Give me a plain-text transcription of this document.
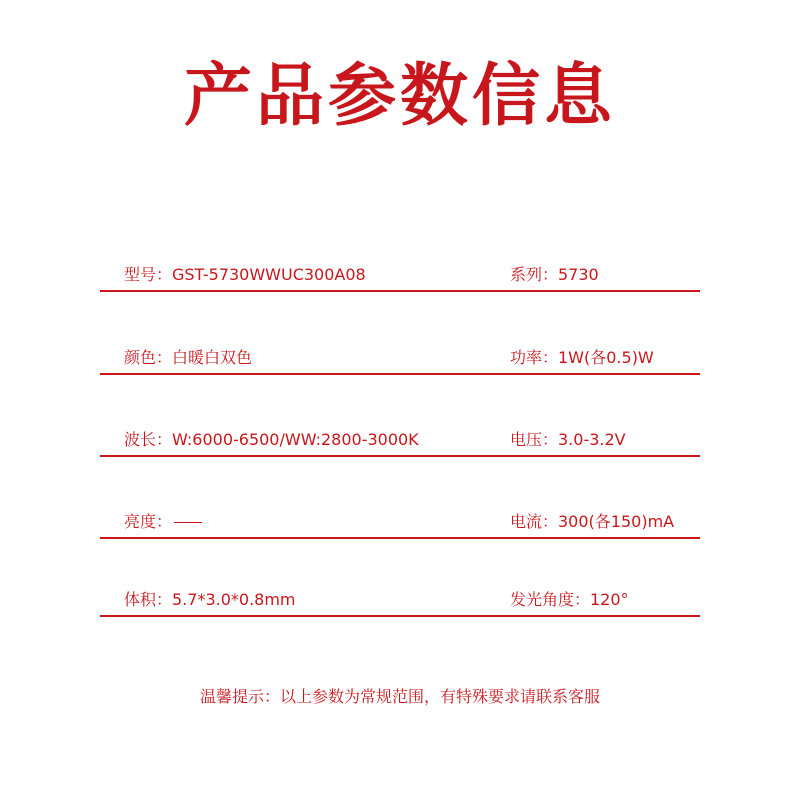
产品参数信息
型号：GST-5730WWUC300A08	系列：5730
颜色：白暖白双色	功率：1W(各0.5)W
波长：W:6000-6500/WW:2800-3000K	电压：3.0-3.2V
亮度：	电流：300(各150)mA
体积：5.7*3.0*0.8mm	发光角度：120°
温馨提示：以上参数为常规范围，有特殊要求请联系客服
